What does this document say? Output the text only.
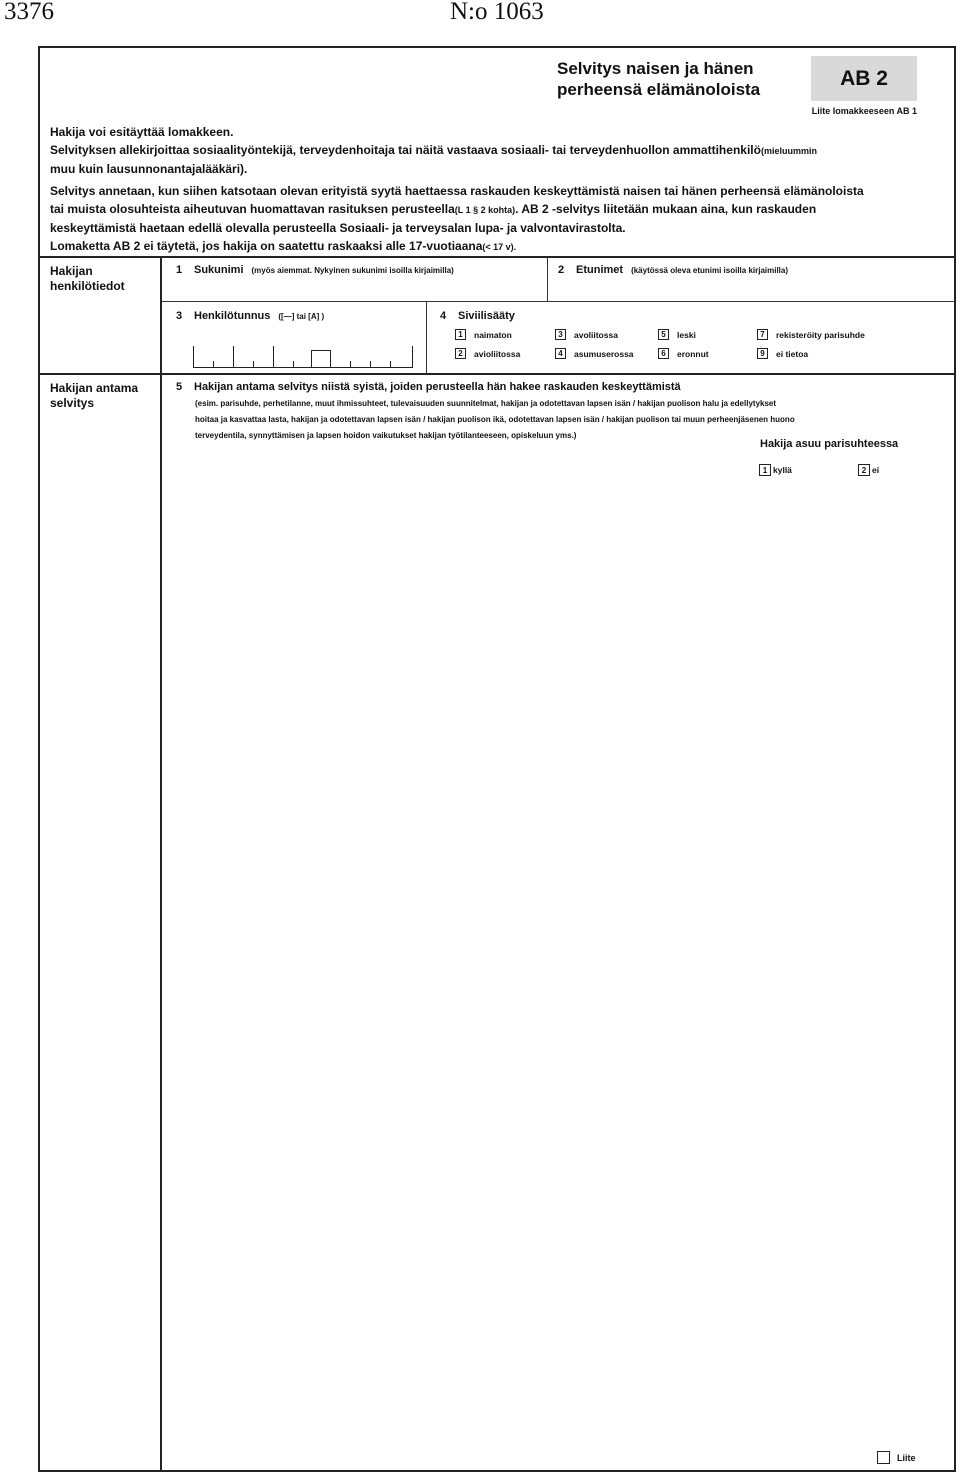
3376	N:o 1063
Selvitys naisen ja hänen
perheensä elämänoloista	AB 2
Liite lomakkeeseen AB 1

Hakija voi esitäyttää lomakkeen.

Selvityksen allekirjoittaa sosiaalityöntekijä, terveydenhoitaja tai näitä vastaava sosiaali- tai terveydenhuollon ammattihenkilö(mieluummin

muu kuin lausunnonantajalääkäri).

Selvitys annetaan, kun siihen katsotaan olevan erityistä syytä haettaessa raskauden keskeyttämistä naisen tai hänen perheensä elämänoloista

tai muista olosuhteista aiheutuvan huomattavan rasituksen perusteella(L 1 § 2 kohta). AB 2 -selvitys liitetään mukaan aina, kun raskauden

keskeyttämistä haetaan edellä olevalla perusteella Sosiaali- ja terveysalan lupa- ja valvontavirastolta.

Lomaketta AB 2 ei täytetä, jos hakija on saatettu raskaaksi alle 17-vuotiaana(< 17 v).

Hakijan
henkilötiedot
1 Sukunimi (myös aiemmat. Nykyinen sukunimi isoilla kirjaimilla)	2 Etunimet (käytössä oleva etunimi isoilla kirjaimilla)
3 Henkilötunnus ([—] tai [A] )	4 Siviilisääty
1	naimaton	3	avoliitossa	5	leski	7	rekisteröity parisuhde
2	avioliitossa	4	asumuserossa	6	eronnut	9	ei tietoa
Hakijan antama
selvitys
5 Hakijan antama selvitys niistä syistä, joiden perusteella hän hakee raskauden keskeyttämistä
(esim. parisuhde, perhetilanne, muut ihmissuhteet, tulevaisuuden suunnitelmat, hakijan ja odotettavan lapsen isän / hakijan puolison halu ja edellytykset
hoitaa ja kasvattaa lasta, hakijan ja odotettavan lapsen isän / hakijan puolison ikä, odotettavan lapsen isän / hakijan puolison tai muun perheenjäsenen huono
terveydentila, synnyttämisen ja lapsen hoidon vaikutukset hakijan työtilanteeseen, opiskeluun yms.)
Hakija asuu parisuhteessa
1 kyllä	2 ei
Liite
